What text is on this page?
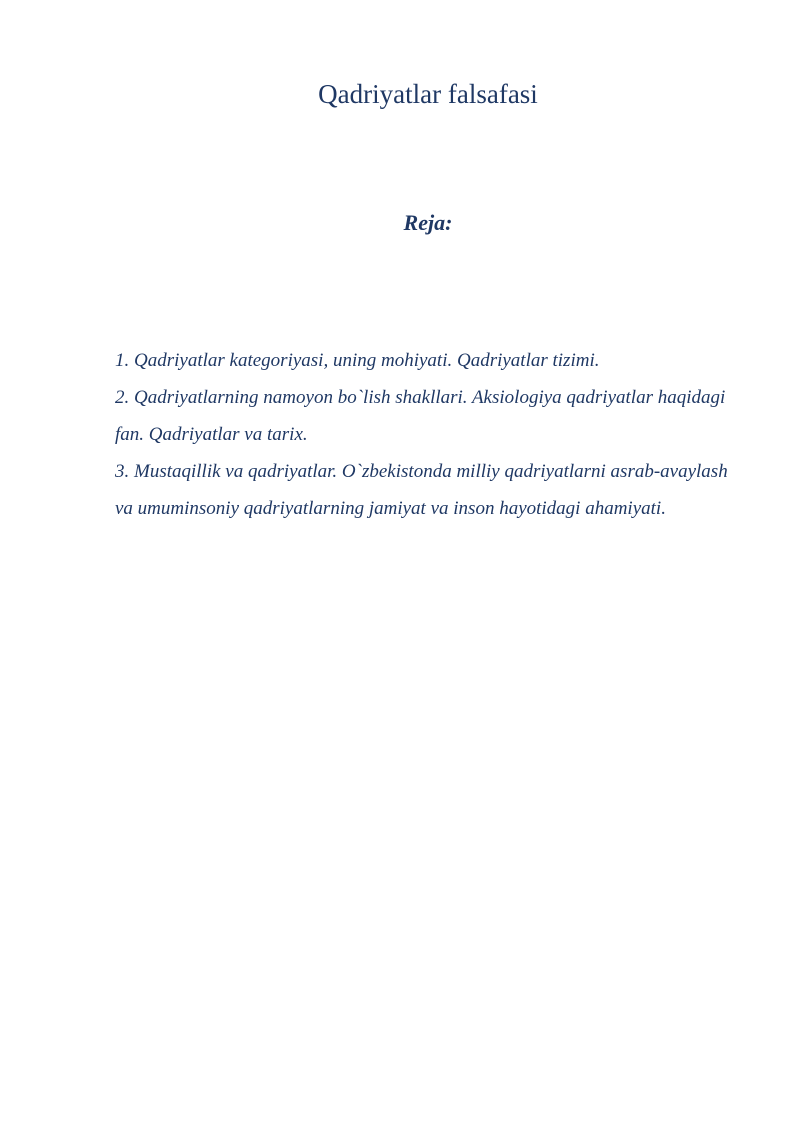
Qadriyatlar falsafasi
Reja:
1. Qadriyatlar kategoriyasi, uning mohiyati. Qadriyatlar tizimi.
2. Qadriyatlarning namoyon bo`lish shakllari. Aksiologiya qadriyatlar haqidagi fan. Qadriyatlar va tarix.
3. Mustaqillik va qadriyatlar. O`zbekistonda milliy qadriyatlarni asrab-avaylash va umuminsoniy qadriyatlarning jamiyat va inson hayotidagi ahamiyati.
